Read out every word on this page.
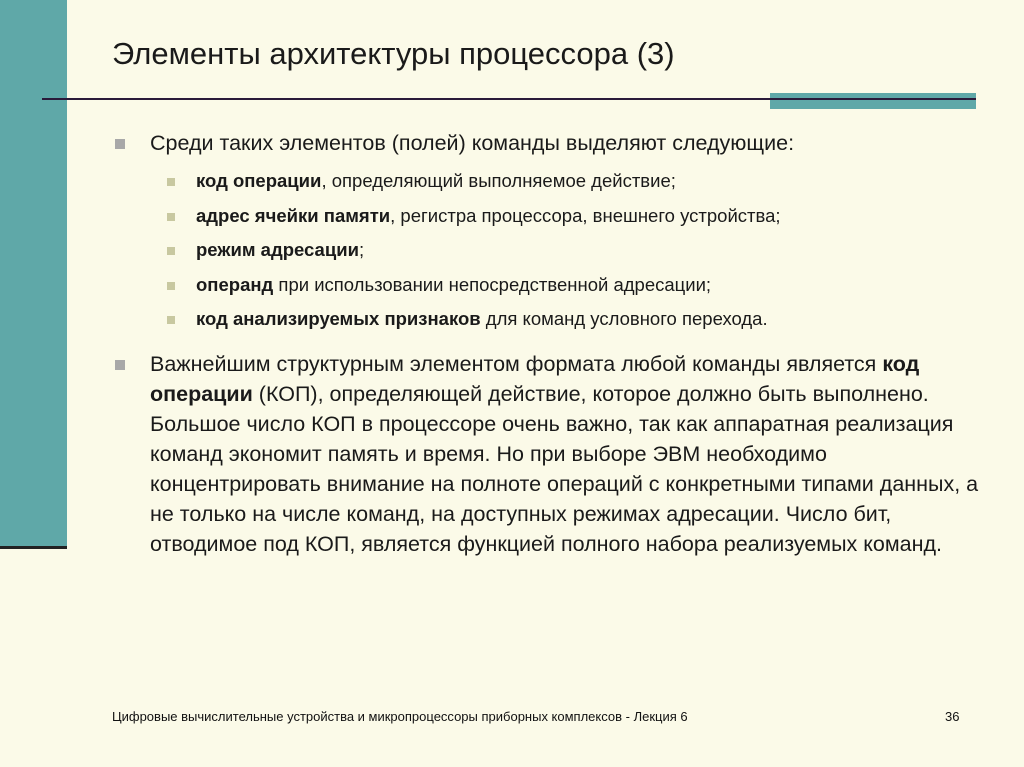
Элементы архитектуры процессора (3)
Среди таких элементов (полей) команды выделяют следующие:
код операции, определяющий выполняемое действие;
адрес ячейки памяти, регистра процессора, внешнего устройства;
режим адресации;
операнд при использовании непосредственной адресации;
код анализируемых признаков для команд условного перехода.
Важнейшим структурным элементом формата любой команды является код операции (КОП), определяющей действие, которое должно быть выполнено. Большое число КОП в процессоре очень важно, так как аппаратная реализация команд экономит память и время. Но при выборе ЭВМ необходимо концентрировать внимание на полноте операций с конкретными типами данных, а не только на числе команд, на доступных режимах адресации. Число бит, отводимое под КОП, является функцией полного набора реализуемых команд.
Цифровые вычислительные устройства и микропроцессоры приборных комплексов - Лекция 6	36
